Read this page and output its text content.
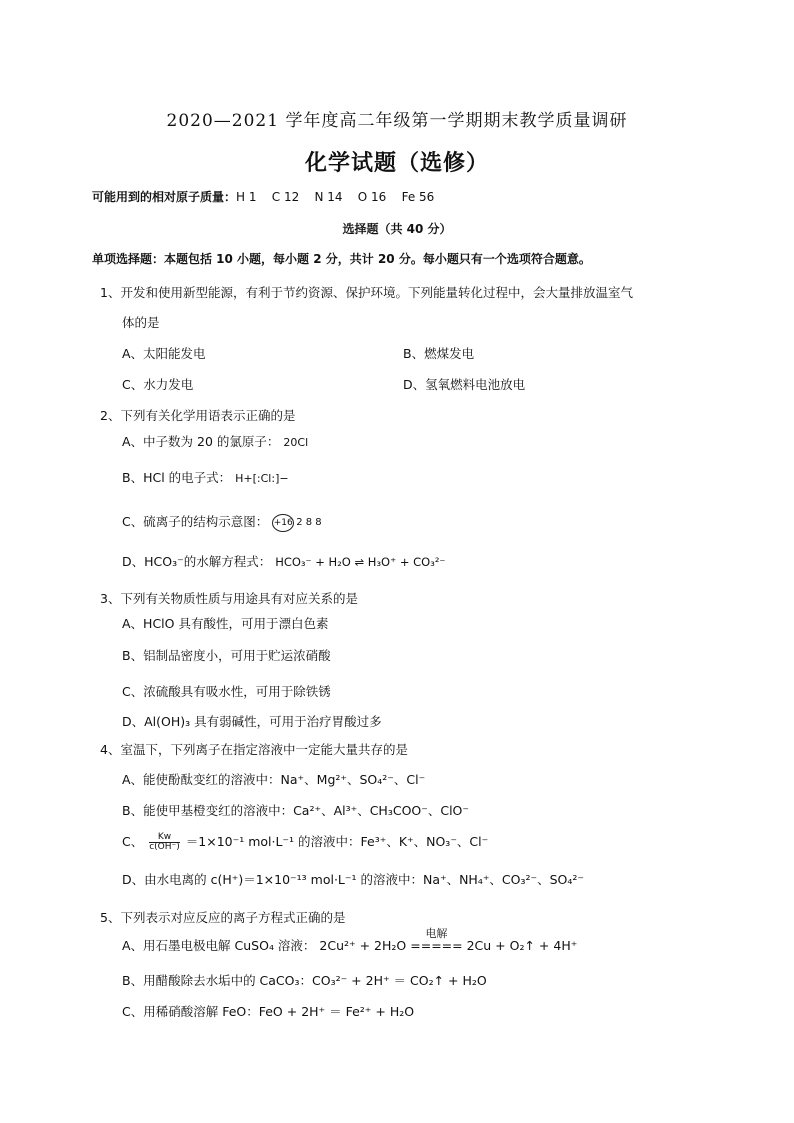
2020—2021 学年度高二年级第一学期期末教学质量调研
化学试题（选修）
可能用到的相对原子质量：H 1    C 12    N 14    O 16    Fe 56
选择题（共 40 分）
单项选择题：本题包括 10 小题，每小题 2 分，共计 20 分。每小题只有一个选项符合题意。
1、开发和使用新型能源，有利于节约资源、保护环境。下列能量转化过程中，会大量排放温室气
体的是
A、太阳能发电	B、燃煤发电
C、水力发电	D、氢氧燃料电池放电
2、下列有关化学用语表示正确的是
A、中子数为 20 的氯原子： 20Cl
B、HCl 的电子式： H+[:Cl:]−
C、硫离子的结构示意图： +16 2 8 8
D、HCO₃⁻的水解方程式： HCO₃⁻ + H₂O ⇌ H₃O⁺ + CO₃²⁻
3、下列有关物质性质与用途具有对应关系的是
A、HClO 具有酸性，可用于漂白色素
B、铝制品密度小，可用于贮运浓硝酸
C、浓硫酸具有吸水性，可用于除铁锈
D、Al(OH)₃ 具有弱碱性，可用于治疗胃酸过多
4、室温下，下列离子在指定溶液中一定能大量共存的是
A、能使酚酞变红的溶液中：Na⁺、Mg²⁺、SO₄²⁻、Cl⁻
B、能使甲基橙变红的溶液中：Ca²⁺、Al³⁺、CH₃COO⁻、ClO⁻
C、 $\frac{Kw}{c(OH^-)} =1\times 10^{-1}$ mol·L⁻¹ 的溶液中：Fe³⁺、K⁺、NO₃⁻、Cl⁻
D、由水电离的 c(H⁺)＝1×10⁻¹³ mol·L⁻¹ 的溶液中：Na⁺、NH₄⁺、CO₃²⁻、SO₄²⁻
5、下列表示对应反应的离子方程式正确的是
A、用石墨电极电解 CuSO₄ 溶液： 2Cu²⁺ + 2H₂O
电解
===== 2Cu + O₂↑ + 4H⁺
B、用醋酸除去水垢中的 CaCO₃：CO₃²⁻ + 2H⁺ ＝ CO₂↑ + H₂O
C、用稀硝酸溶解 FeO：FeO + 2H⁺ ＝ Fe²⁺ + H₂O
